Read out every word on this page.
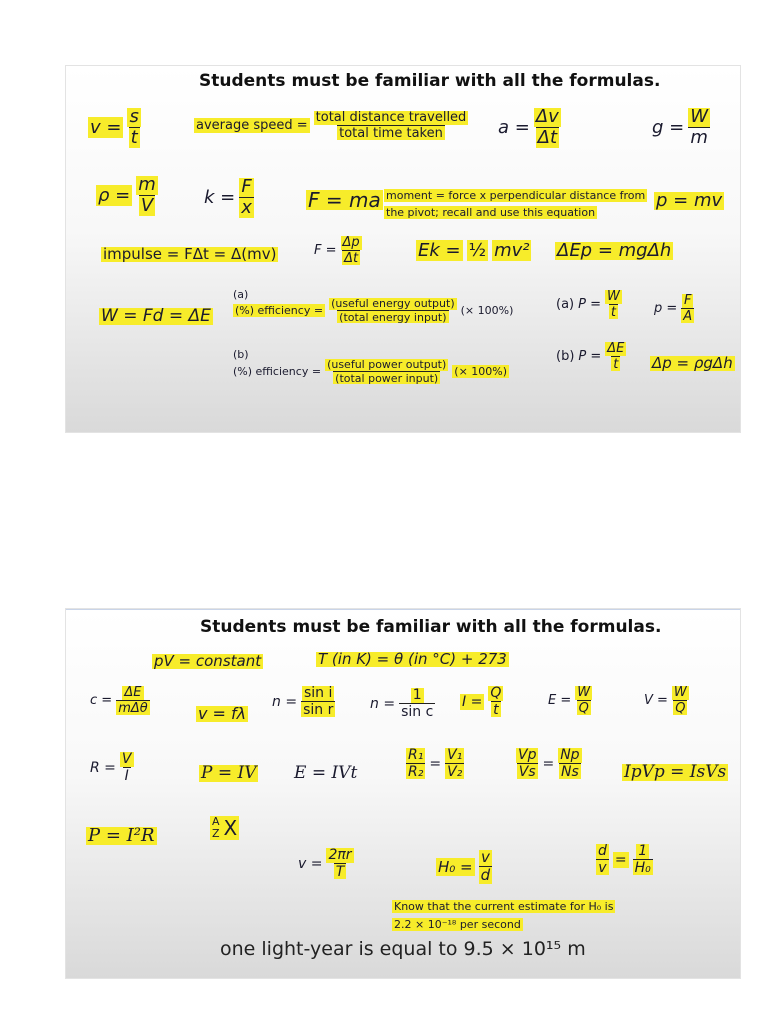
Students must be familiar with all the formulas.
$v = \frac{s}{t}$	average speed = $\frac{\text{total distance travelled}}{\text{total time taken}}$ $a = \frac{\Delta v}{\Delta t}$	$g = \frac{W}{m}$
$\rho = \frac{m}{V}$	$k = \frac{F}{x}$	F = ma moment = force x perpendicular distance from
the pivot; recall and use this equation
p = mv
impulse = FΔt = Δ(mv)	$F = \frac{\Delta p}{\Delta t}$	Ek = ½ mv² ΔEp = mgΔh
W = Fd = ΔE
(a)
(%) efficiency = $\frac{\text{(useful energy output)}}{\text{(total energy input)}}$ (× 100%)	(a) $P = \frac{W}{t}$ $p = \frac{F}{A}$
(b)
(%) efficiency = $\frac{\text{(useful power output)}}{\text{(total power input)}}$ (× 100%)
(b) $P = \frac{\Delta E}{t}$ Δp = ρgΔh
Students must be familiar with all the formulas.
pV = constant	T (in K) = θ (in °C) + 273
$c = \frac{\Delta E}{\text{mΔθ}}$	v = fλ
$n = \frac{\text{sin i}}{\text{sin r}}$ $n = \frac{1}{\text{sin c}}$ $I = \frac{Q}{t}$	$E = \frac{W}{Q}$	$V = \frac{W}{Q}$
$R = \frac{V}{I}$	P = IV E = IVt	$\frac{\text{R₁}}{\text{R₂}} = \frac{\text{V₁}}{\text{V₂}}$	$\frac{Vp}{Vs} = \frac{Np}{Ns}$ IpVp = IsVs
P = I²R
A
Z X
$v = \frac{2\pi r}{T}$	$H_0 = \frac{v}{d}$	$\frac{d}{v} = \frac{1}{\text{H₀}}$
Know that the current estimate for H₀ is
2.2 × 10⁻¹⁸ per second
one light-year is equal to 9.5 × 10¹⁵ m
